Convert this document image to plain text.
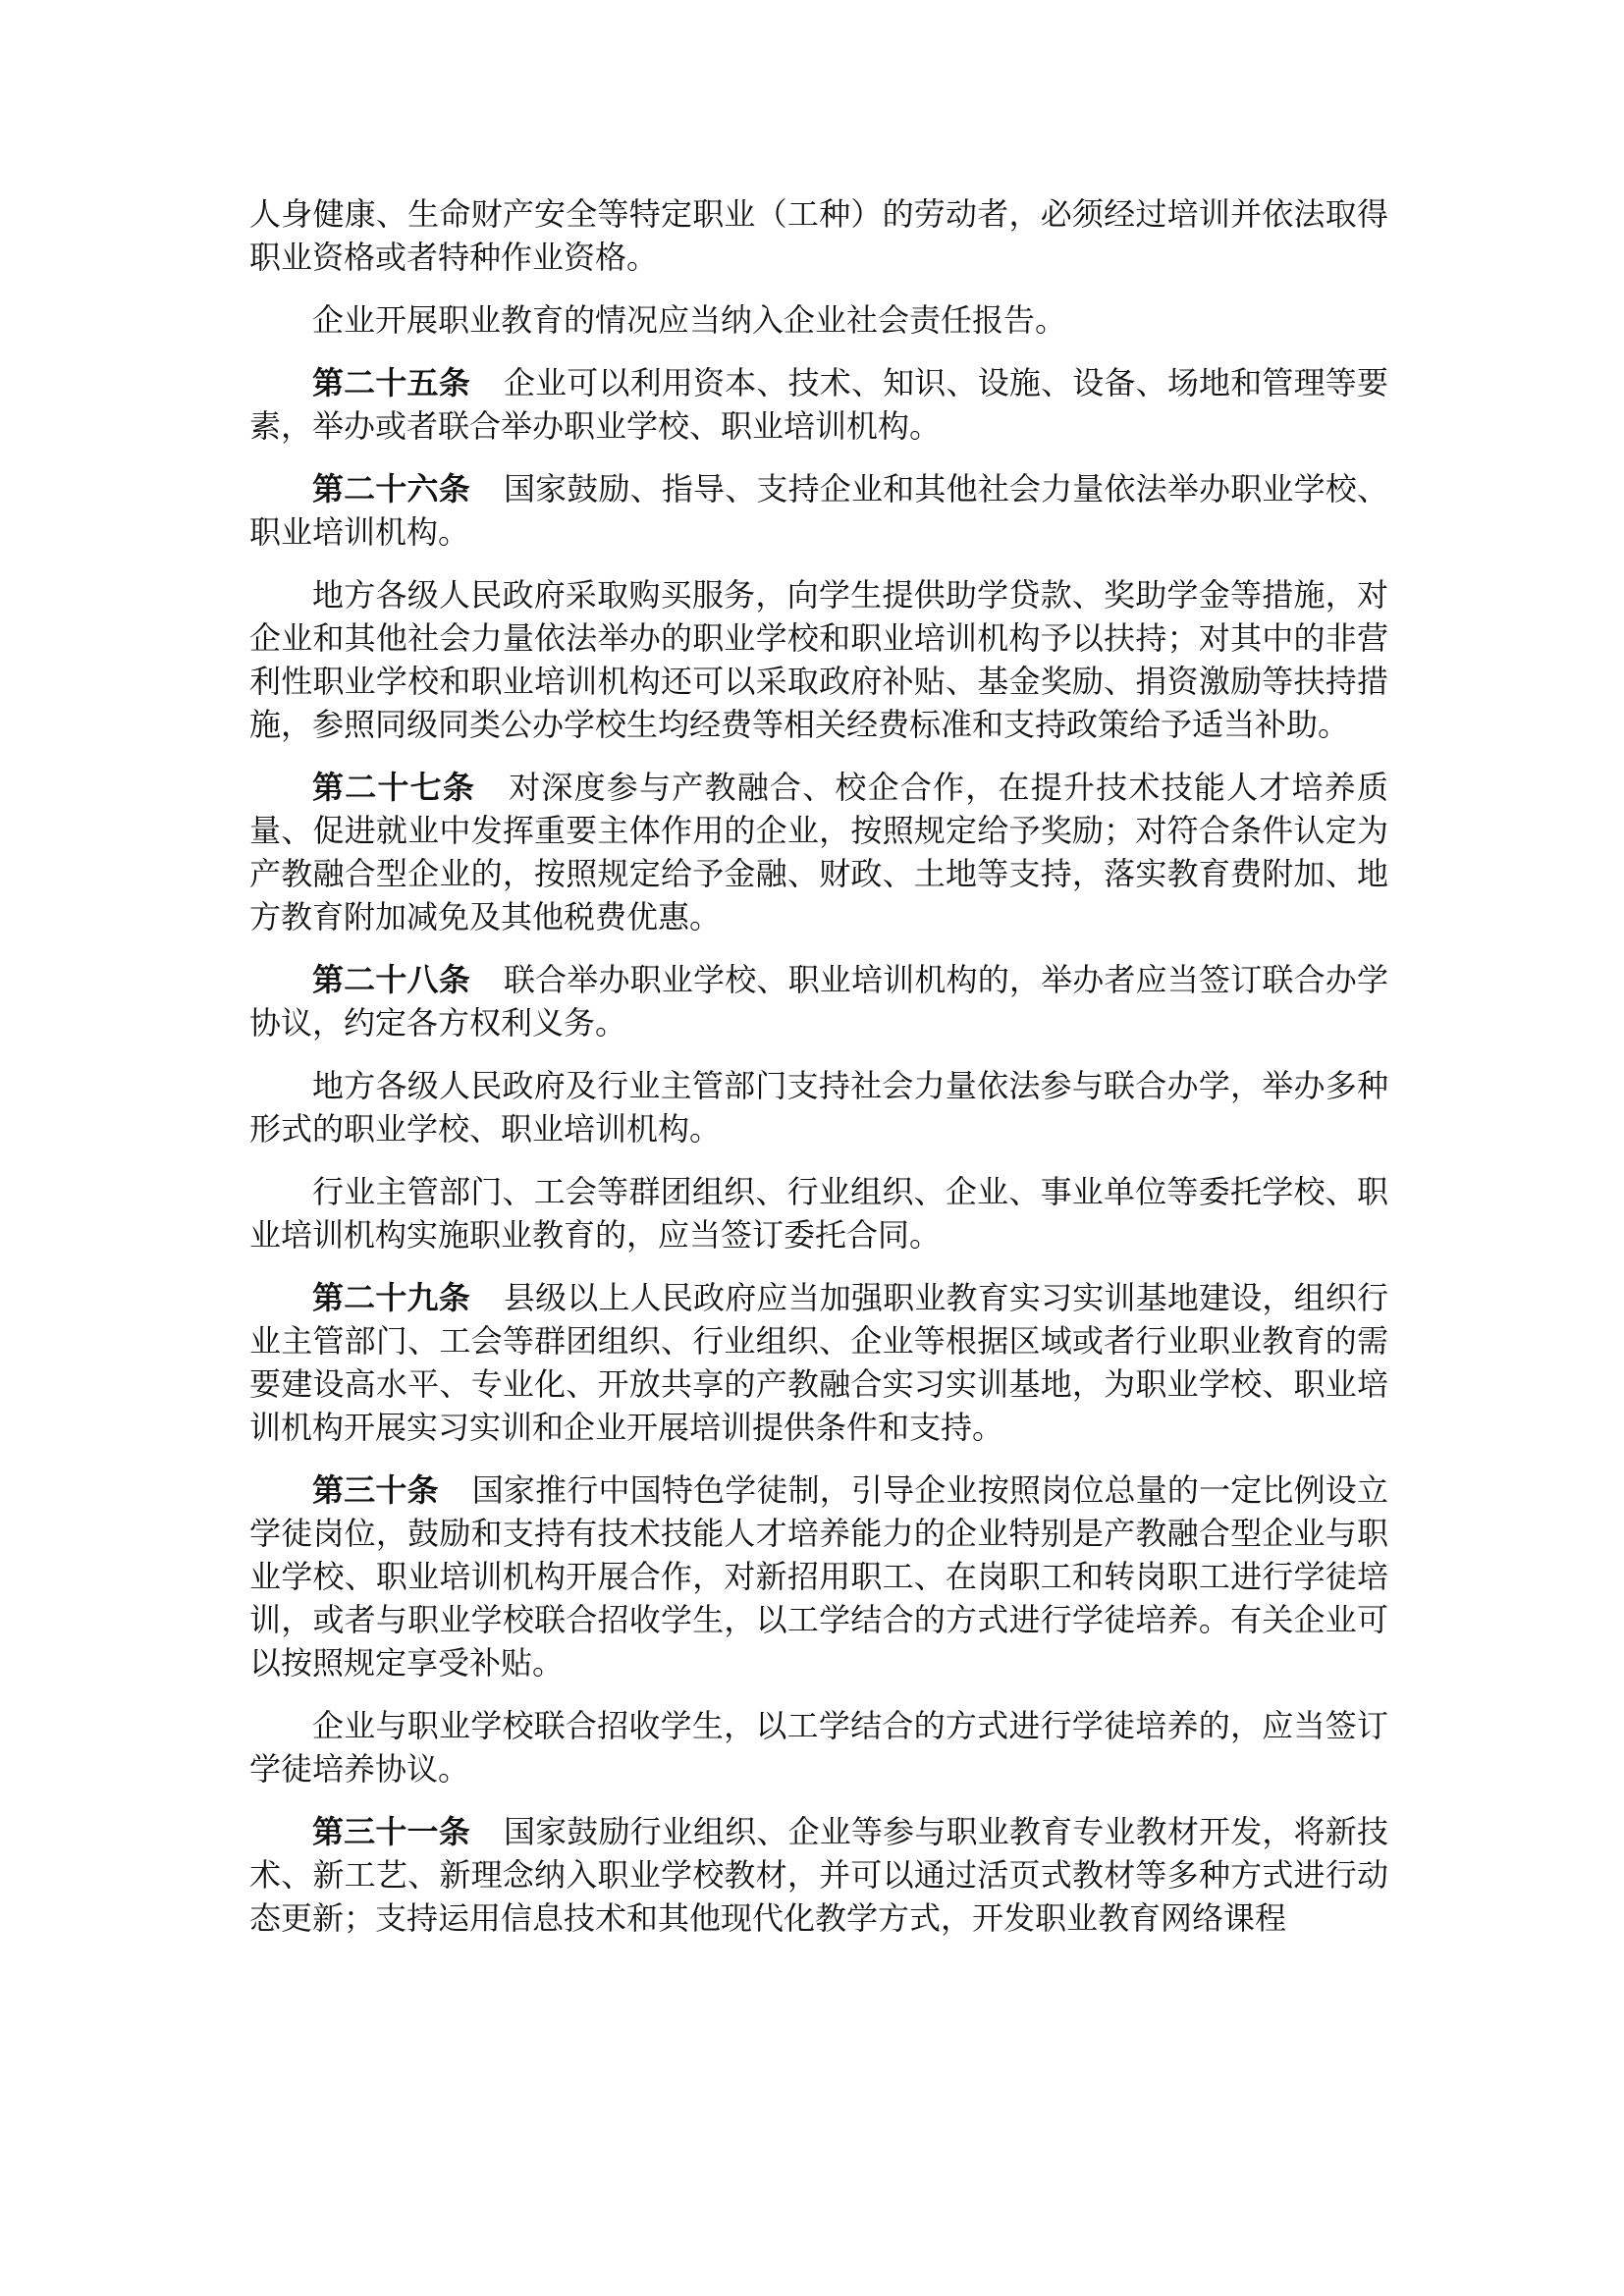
人身健康、生命财产安全等特定职业（工种）的劳动者，必须经过培训并依法取得职业资格或者特种作业资格。

企业开展职业教育的情况应当纳入企业社会责任报告。

第二十五条 企业可以利用资本、技术、知识、设施、设备、场地和管理等要素，举办或者联合举办职业学校、职业培训机构。

第二十六条 国家鼓励、指导、支持企业和其他社会力量依法举办职业学校、职业培训机构。

地方各级人民政府采取购买服务，向学生提供助学贷款、奖助学金等措施，对企业和其他社会力量依法举办的职业学校和职业培训机构予以扶持；对其中的非营利性职业学校和职业培训机构还可以采取政府补贴、基金奖励、捐资激励等扶持措施，参照同级同类公办学校生均经费等相关经费标准和支持政策给予适当补助。

第二十七条 对深度参与产教融合、校企合作，在提升技术技能人才培养质量、促进就业中发挥重要主体作用的企业，按照规定给予奖励；对符合条件认定为产教融合型企业的，按照规定给予金融、财政、土地等支持，落实教育费附加、地方教育附加减免及其他税费优惠。

第二十八条 联合举办职业学校、职业培训机构的，举办者应当签订联合办学协议，约定各方权利义务。

地方各级人民政府及行业主管部门支持社会力量依法参与联合办学，举办多种形式的职业学校、职业培训机构。

行业主管部门、工会等群团组织、行业组织、企业、事业单位等委托学校、职业培训机构实施职业教育的，应当签订委托合同。

第二十九条 县级以上人民政府应当加强职业教育实习实训基地建设，组织行业主管部门、工会等群团组织、行业组织、企业等根据区域或者行业职业教育的需要建设高水平、专业化、开放共享的产教融合实习实训基地，为职业学校、职业培训机构开展实习实训和企业开展培训提供条件和支持。

第三十条 国家推行中国特色学徒制，引导企业按照岗位总量的一定比例设立学徒岗位，鼓励和支持有技术技能人才培养能力的企业特别是产教融合型企业与职业学校、职业培训机构开展合作，对新招用职工、在岗职工和转岗职工进行学徒培训，或者与职业学校联合招收学生，以工学结合的方式进行学徒培养。有关企业可以按照规定享受补贴。

企业与职业学校联合招收学生，以工学结合的方式进行学徒培养的，应当签订学徒培养协议。

第三十一条 国家鼓励行业组织、企业等参与职业教育专业教材开发，将新技术、新工艺、新理念纳入职业学校教材，并可以通过活页式教材等多种方式进行动态更新；支持运用信息技术和其他现代化教学方式，开发职业教育网络课程
